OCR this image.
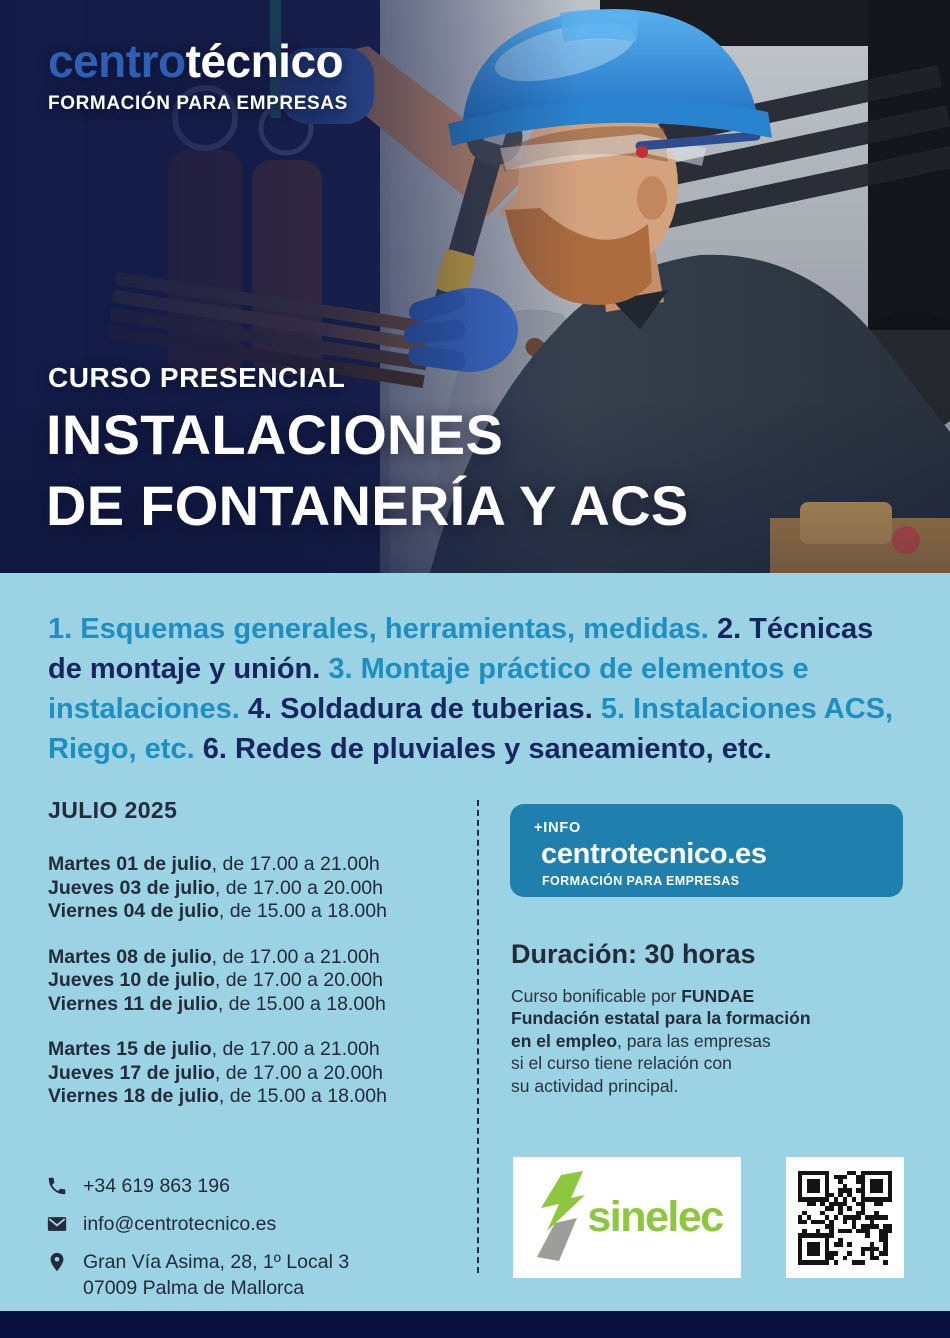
centrotécnico
FORMACIÓN PARA EMPRESAS
CURSO PRESENCIAL
INSTALACIONES
DE FONTANERÍA Y ACS

1. Esquemas generales, herramientas, medidas. 2. Técnicas de montaje y unión. 3. Montaje práctico de elementos e instalaciones. 4. Soldadura de tuberias. 5. Instalaciones ACS, Riego, etc. 6. Redes de pluviales y saneamiento, etc.

JULIO 2025
Martes 01 de julio, de 17.00 a 21.00h
Jueves 03 de julio, de 17.00 a 20.00h
Viernes 04 de julio, de 15.00 a 18.00h
Martes 08 de julio, de 17.00 a 21.00h
Jueves 10 de julio, de 17.00 a 20.00h
Viernes 11 de julio, de 15.00 a 18.00h
Martes 15 de julio, de 17.00 a 21.00h
Jueves 17 de julio, de 17.00 a 20.00h
Viernes 18 de julio, de 15.00 a 18.00h
+INFO
centrotecnico.es
FORMACIÓN PARA EMPRESAS
Duración: 30 horas

Curso bonificable por FUNDAE
Fundación estatal para la formación
en el empleo, para las empresas
si el curso tiene relación con
su actividad principal.

+34 619 863 196
info@centrotecnico.es
Gran Vía Asima, 28, 1º Local 3
07009 Palma de Mallorca
sinelec
